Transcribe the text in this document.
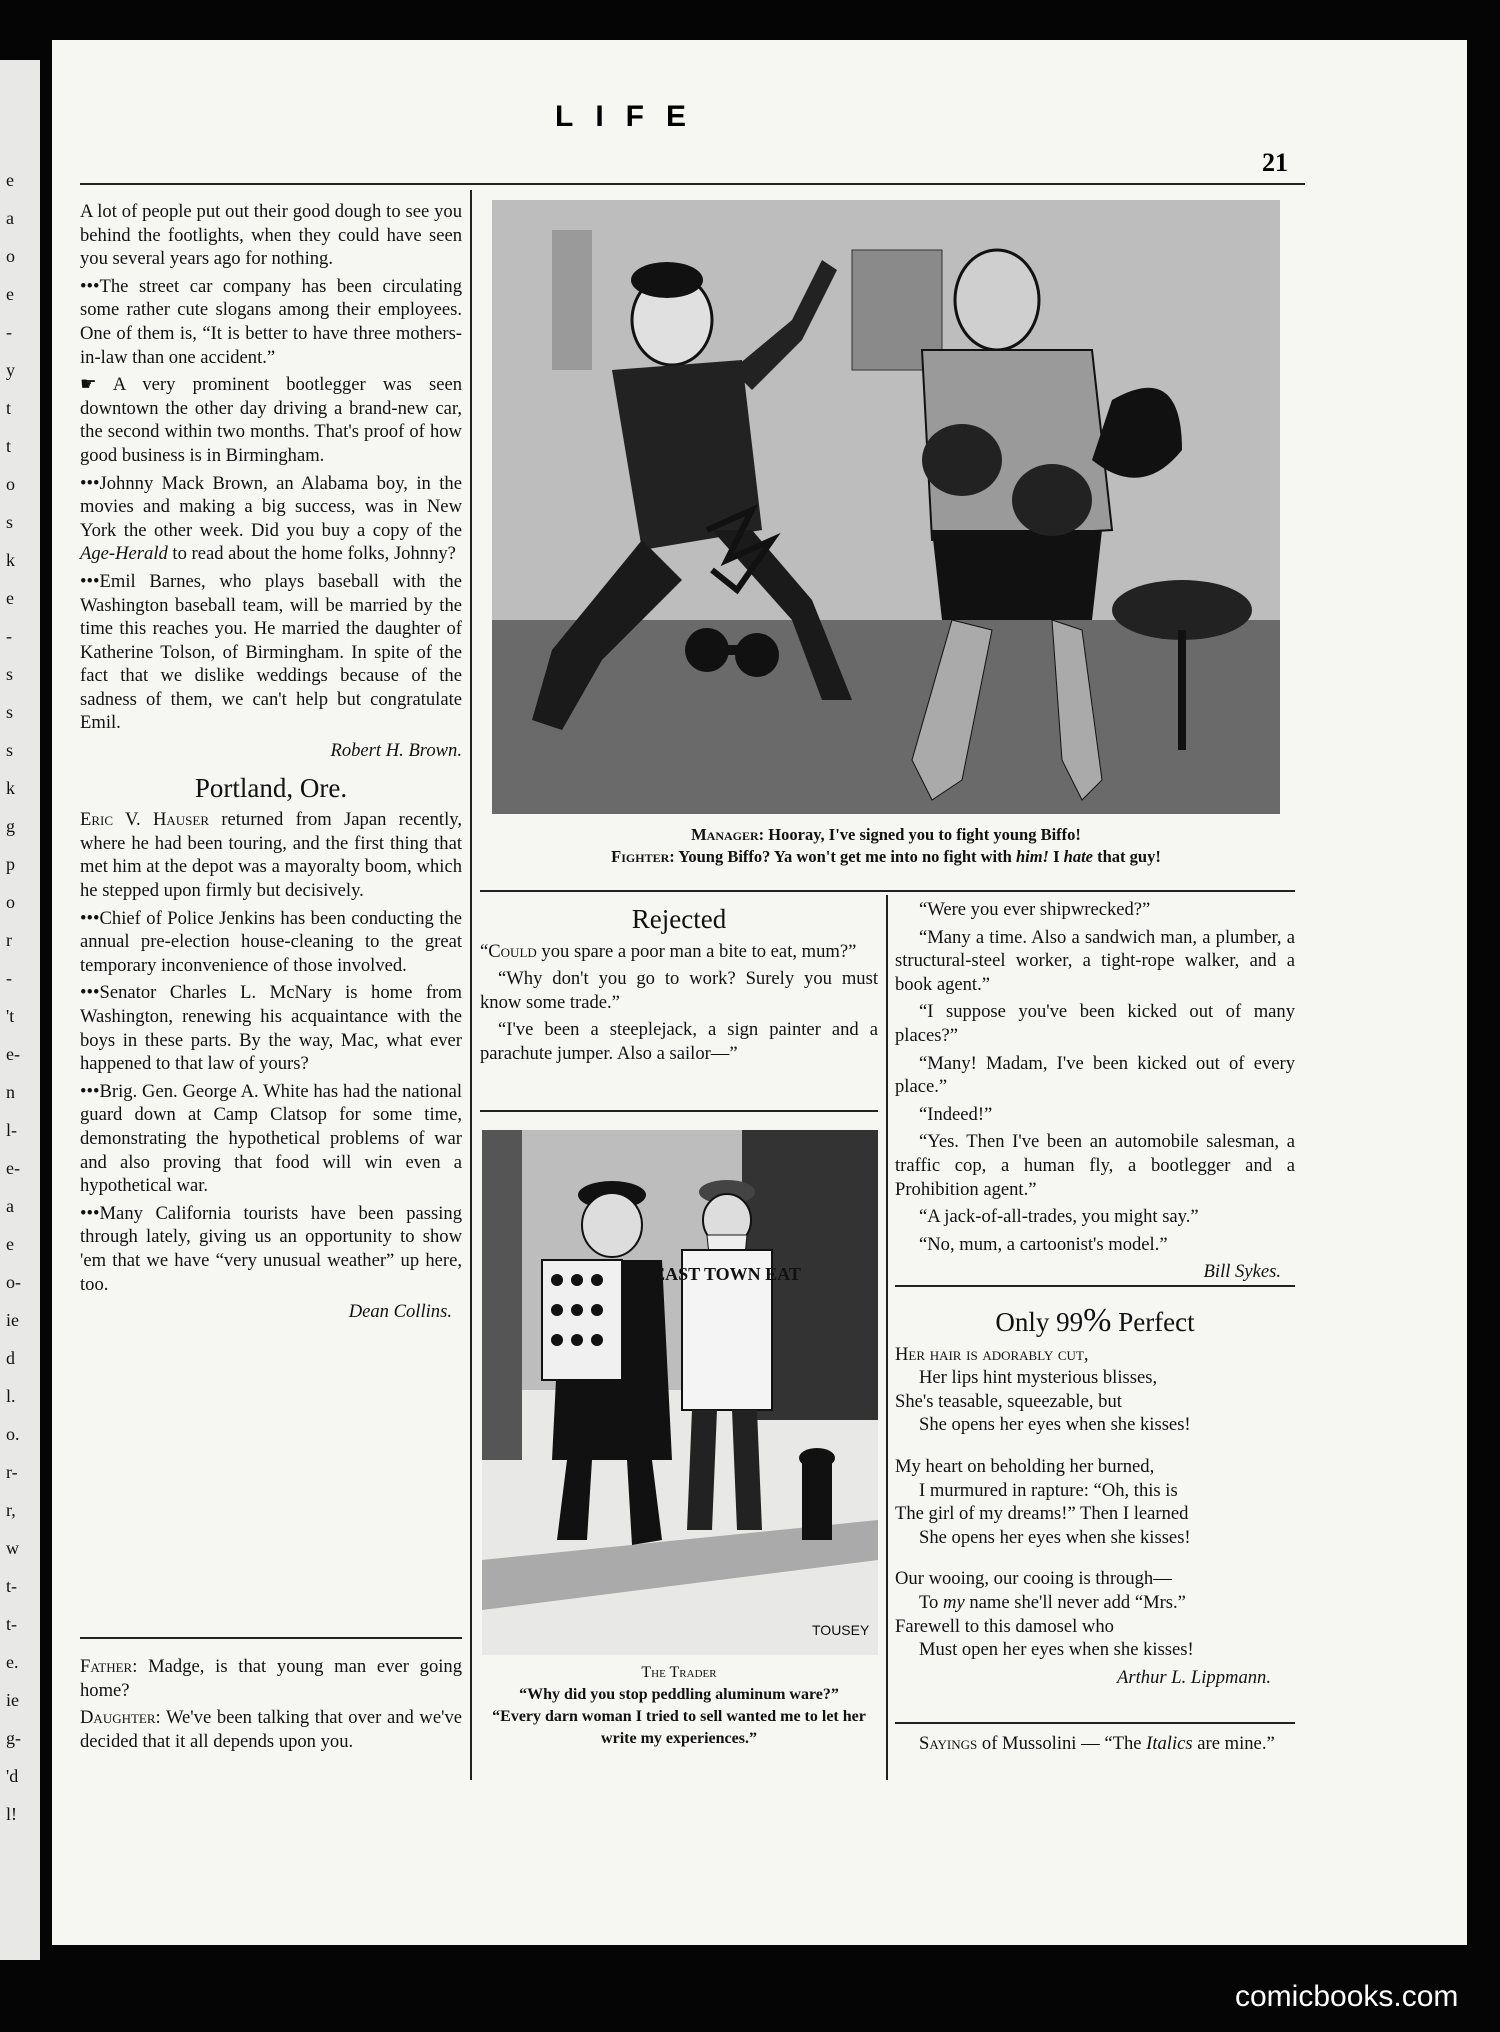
e
a
o
e
-
y
t
t
o
s
k
e
-
s
s
s
k
g
p
o
r
-
't
e-
n
l-
e-
a
e
o-
ie
d
l.
o.
r-
r,
w
t-
t-
e.
ie
g-
'd
l!
LIFE
21

A lot of people put out their good dough to see you behind the footlights, when they could have seen you several years ago for nothing.

•••The street car company has been circulating some rather cute slogans among their employees. One of them is, “It is better to have three mothers-in-law than one accident.”

☛ A very prominent bootlegger was seen downtown the other day driving a brand-new car, the second within two months. That's proof of how good business is in Birmingham.

•••Johnny Mack Brown, an Alabama boy, in the movies and making a big success, was in New York the other week. Did you buy a copy of the Age-Herald to read about the home folks, Johnny?

•••Emil Barnes, who plays baseball with the Washington baseball team, will be married by the time this reaches you. He married the daughter of Katherine Tolson, of Birmingham. In spite of the fact that we dislike weddings because of the sadness of them, we can't help but congratulate Emil.

Robert H. Brown.
Portland, Ore.

Eric V. Hauser returned from Japan recently, where he had been touring, and the first thing that met him at the depot was a mayoralty boom, which he stepped upon firmly but decisively.

•••Chief of Police Jenkins has been conducting the annual pre-election house-cleaning to the great temporary inconvenience of those involved.

•••Senator Charles L. McNary is home from Washington, renewing his acquaintance with the boys in these parts. By the way, Mac, what ever happened to that law of yours?

•••Brig. Gen. George A. White has had the national guard down at Camp Clatsop for some time, demonstrating the hypothetical problems of war and also proving that food will win even a hypothetical war.

•••Many California tourists have been passing through lately, giving us an opportunity to show 'em that we have “very unusual weather” up here, too.

Dean Collins.

Father: Madge, is that young man ever going home?

Daughter: We've been talking that over and we've decided that it all depends upon you.

Manager: Hooray, I've signed you to fight young Biffo!
Fighter: Young Biffo? Ya won't get me into no fight with him! I hate that guy!
Rejected

“Could you spare a poor man a bite to eat, mum?”

“Why don't you go to work? Surely you must know some trade.”

“I've been a steeplejack, a sign painter and a parachute jumper. Also a sailor—”

EAST TOWN EAT
TOUSEY
The Trader
“Why did you stop peddling aluminum ware?”
“Every darn woman I tried to sell wanted me to let her write my experiences.”

“Were you ever shipwrecked?”

“Many a time. Also a sandwich man, a plumber, a structural-steel worker, a tight-rope walker, and a book agent.”

“I suppose you've been kicked out of many places?”

“Many! Madam, I've been kicked out of every place.”

“Indeed!”

“Yes. Then I've been an automobile salesman, a traffic cop, a human fly, a bootlegger and a Prohibition agent.”

“A jack-of-all-trades, you might say.”

“No, mum, a cartoonist's model.”

Bill Sykes.
Only 99% Perfect

Her hair is adorably cut,

Her lips hint mysterious blisses,

She's teasable, squeezable, but

She opens her eyes when she kisses!

My heart on beholding her burned,

I murmured in rapture: “Oh, this is

The girl of my dreams!” Then I learned

She opens her eyes when she kisses!

Our wooing, our cooing is through—

To my name she'll never add “Mrs.”

Farewell to this damosel who

Must open her eyes when she kisses!

Arthur L. Lippmann.

Sayings of Mussolini — “The Italics are mine.”

comicbooks.com
